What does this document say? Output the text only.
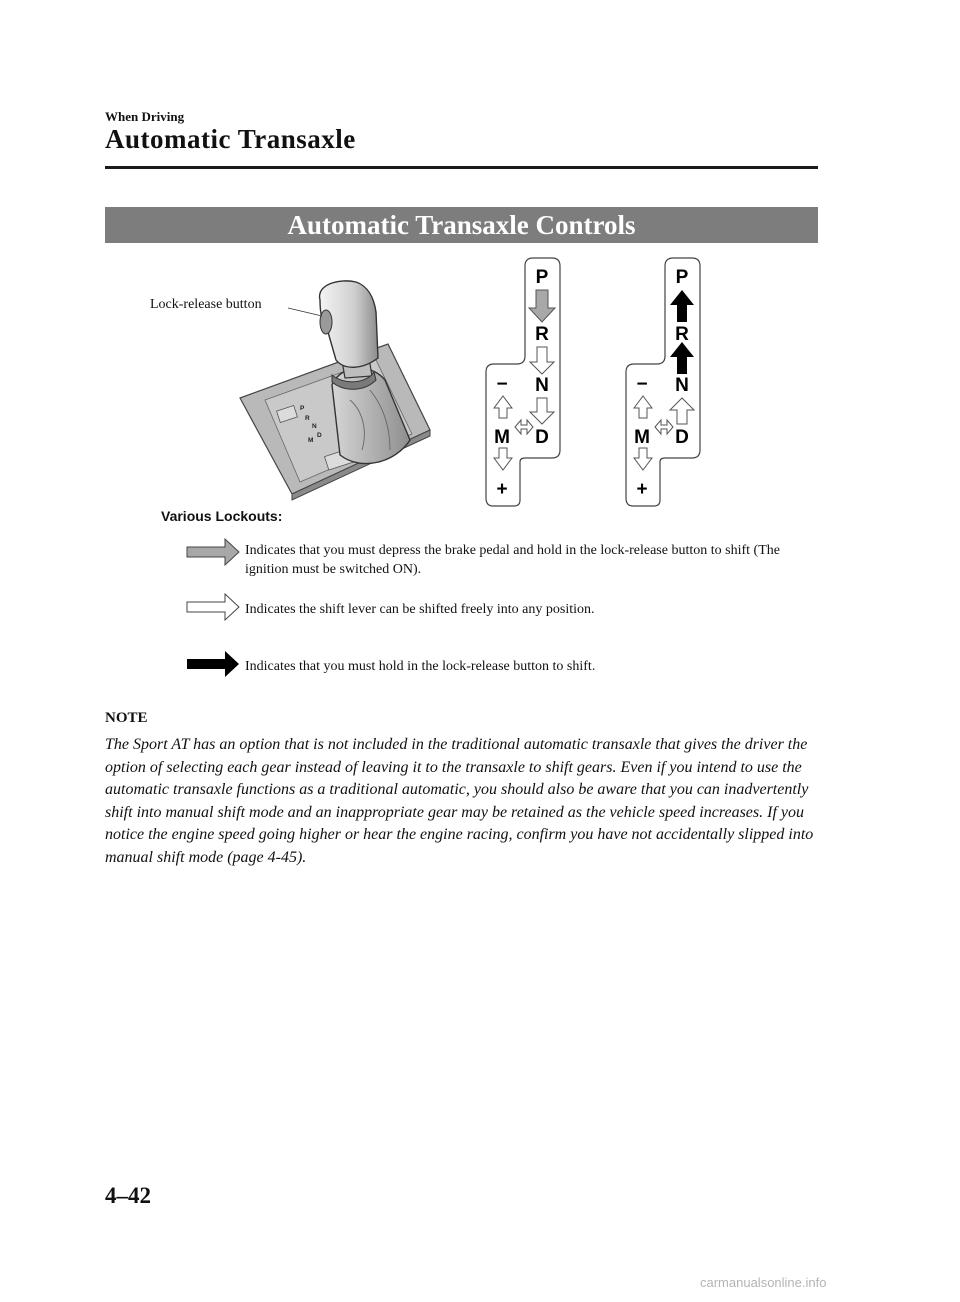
When Driving
Automatic Transaxle
Automatic Transaxle Controls
P
R
N
D
M
P
R
N
D
M
−
+
P
R
N
D
M
−
+
Lock-release button
Various Lockouts:
Indicates that you must depress the brake pedal and hold in the lock-release button to shift (The ignition must be switched ON).
Indicates the shift lever can be shifted freely into any position.
Indicates that you must hold in the lock-release button to shift.
NOTE
The Sport AT has an option that is not included in the traditional automatic transaxle that gives the driver the option of selecting each gear instead of leaving it to the transaxle to shift gears. Even if you intend to use the automatic transaxle functions as a traditional automatic, you should also be aware that you can inadvertently shift into manual shift mode and an inappropriate gear may be retained as the vehicle speed increases. If you notice the engine speed going higher or hear the engine racing, confirm you have not accidentally slipped into manual shift mode (page 4-45).
4–42
carmanualsonline.info
